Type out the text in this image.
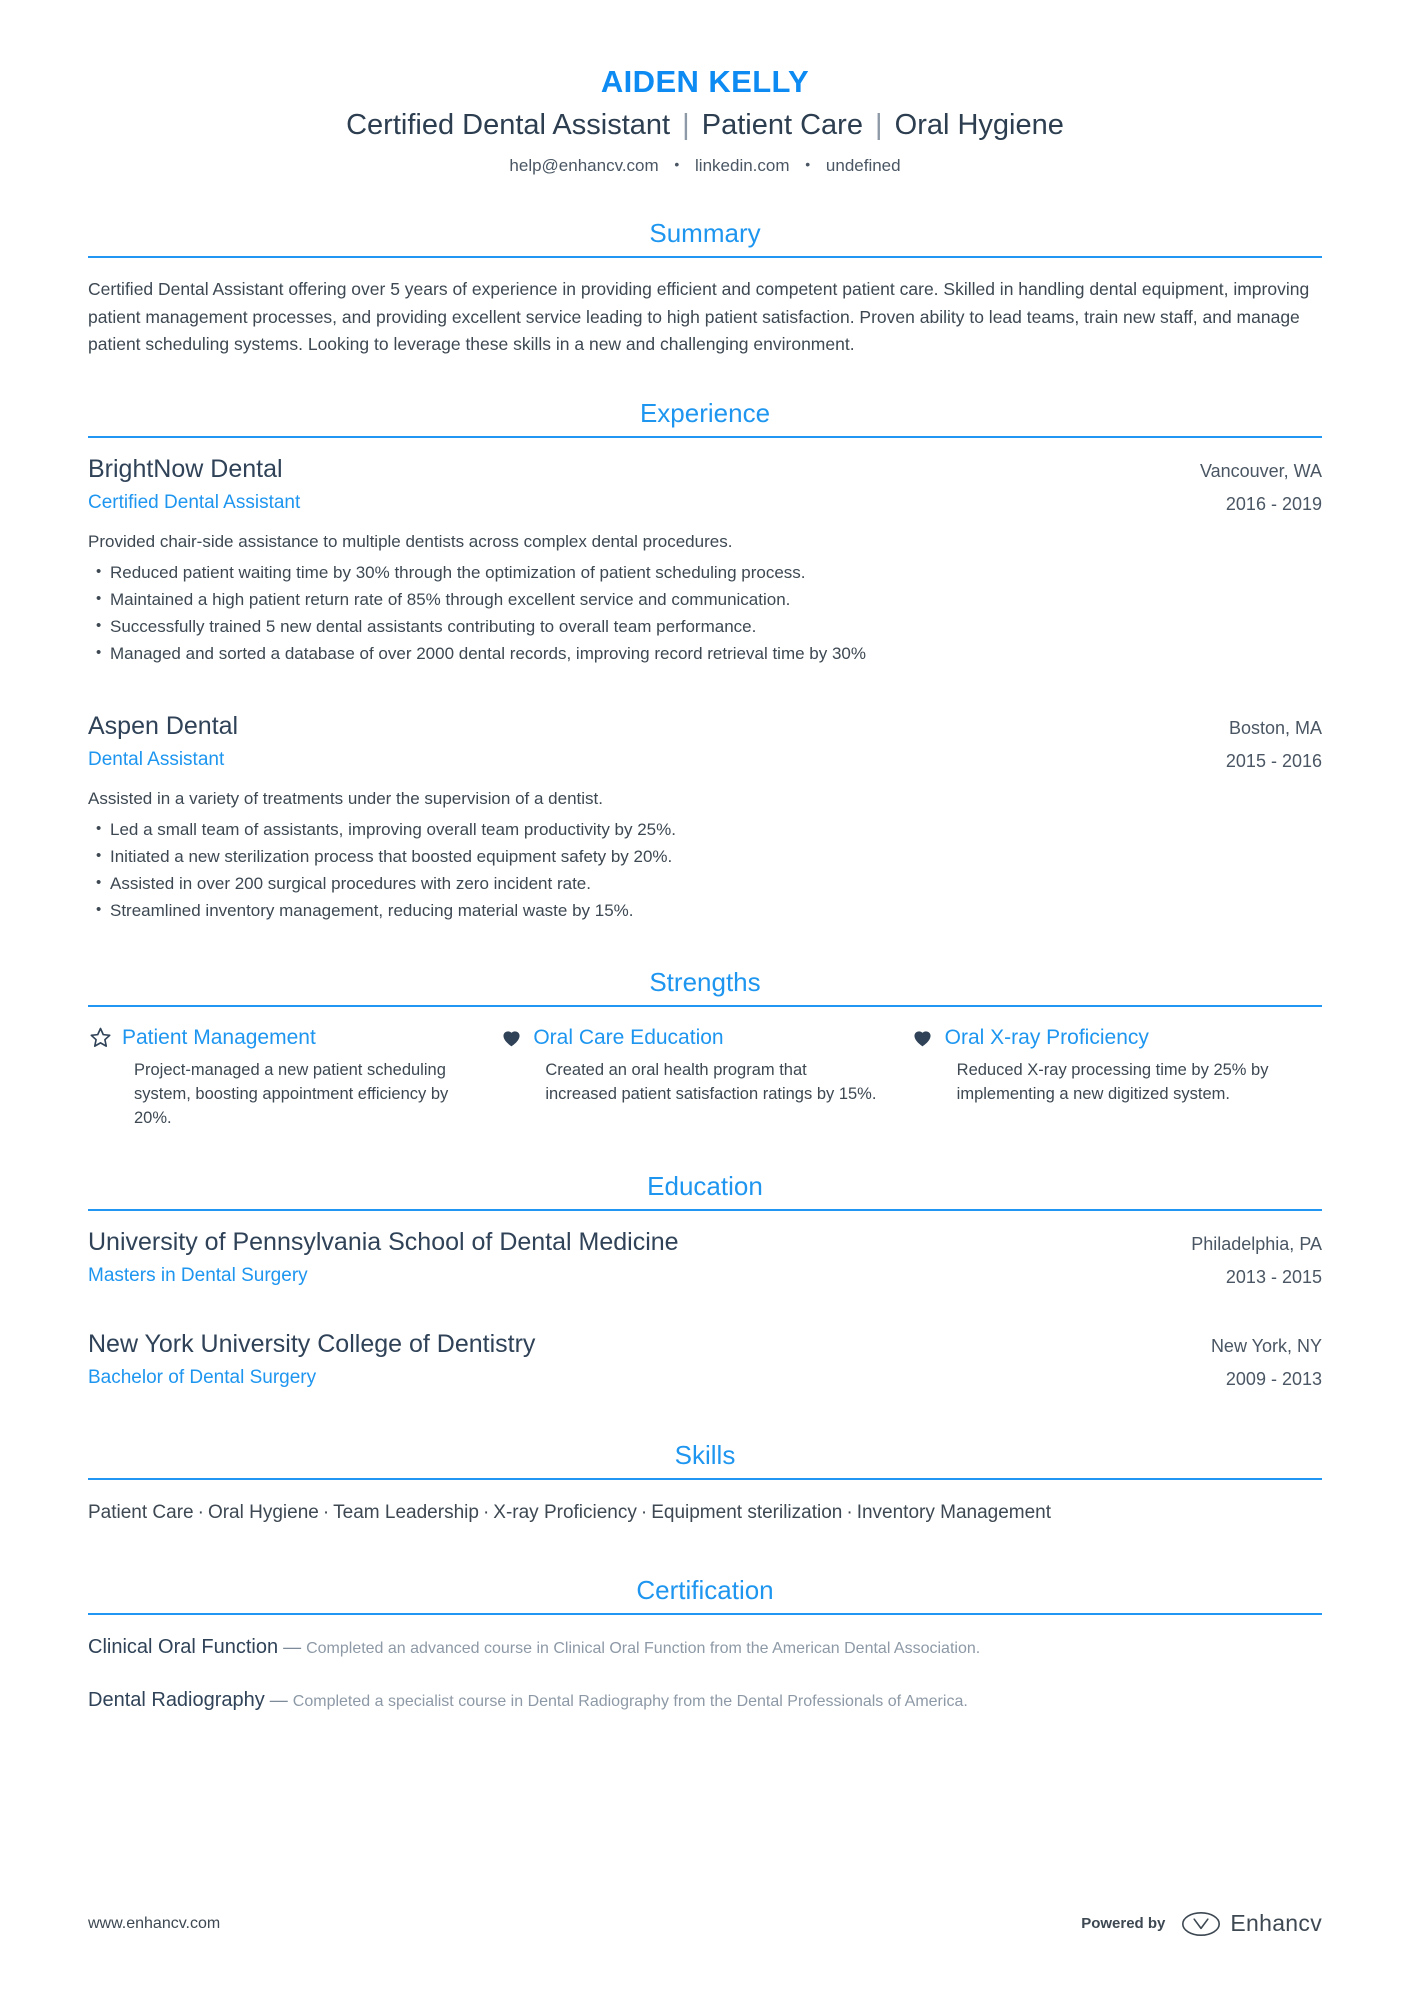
AIDEN KELLY
Certified Dental Assistant | Patient Care | Oral Hygiene
help@enhancv.com • linkedin.com • undefined
Summary
Certified Dental Assistant offering over 5 years of experience in providing efficient and competent patient care. Skilled in handling dental equipment, improving patient management processes, and providing excellent service leading to high patient satisfaction. Proven ability to lead teams, train new staff, and manage patient scheduling systems. Looking to leverage these skills in a new and challenging environment.
Experience
BrightNow Dental
Certified Dental Assistant
Vancouver, WA
2016 - 2019
Provided chair-side assistance to multiple dentists across complex dental procedures.
• Reduced patient waiting time by 30% through the optimization of patient scheduling process.
• Maintained a high patient return rate of 85% through excellent service and communication.
• Successfully trained 5 new dental assistants contributing to overall team performance.
• Managed and sorted a database of over 2000 dental records, improving record retrieval time by 30%
Aspen Dental
Dental Assistant
Boston, MA
2015 - 2016
Assisted in a variety of treatments under the supervision of a dentist.
• Led a small team of assistants, improving overall team productivity by 25%.
• Initiated a new sterilization process that boosted equipment safety by 20%.
• Assisted in over 200 surgical procedures with zero incident rate.
• Streamlined inventory management, reducing material waste by 15%.
Strengths
Patient Management
Project-managed a new patient scheduling system, boosting appointment efficiency by 20%.
Oral Care Education
Created an oral health program that increased patient satisfaction ratings by 15%.
Oral X-ray Proficiency
Reduced X-ray processing time by 25% by implementing a new digitized system.
Education
University of Pennsylvania School of Dental Medicine
Masters in Dental Surgery
Philadelphia, PA
2013 - 2015
New York University College of Dentistry
Bachelor of Dental Surgery
New York, NY
2009 - 2013
Skills
Patient Care · Oral Hygiene · Team Leadership · X-ray Proficiency · Equipment sterilization · Inventory Management
Certification
Clinical Oral Function — Completed an advanced course in Clinical Oral Function from the American Dental Association.
Dental Radiography — Completed a specialist course in Dental Radiography from the Dental Professionals of America.
www.enhancv.com	Powered by	Enhancv
